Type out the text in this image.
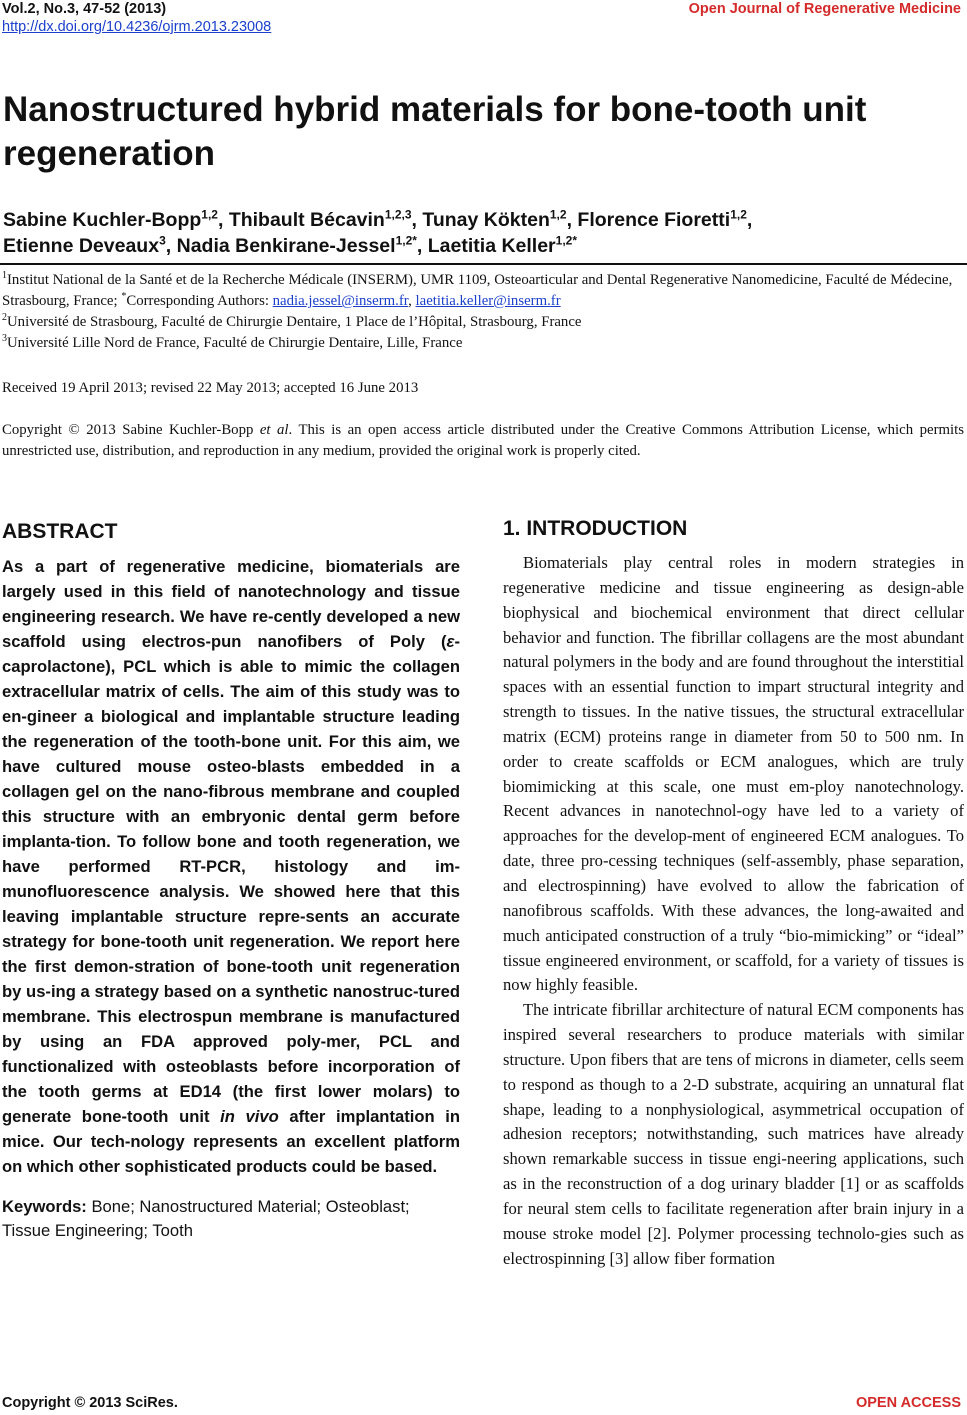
Vol.2, No.3, 47-52 (2013)	Open Journal of Regenerative Medicine
http://dx.doi.org/10.4236/ojrm.2013.23008
Nanostructured hybrid materials for bone-tooth unit regeneration

Sabine Kuchler-Bopp$^{1,2}$, Thibault Bécavin$^{1,2,3}$, Tunay Kökten$^{1,2}$, Florence Fioretti$^{1,2}$,
Etienne Deveaux$^3$, Nadia Benkirane-Jessel$^{1,2*}$, Laetitia Keller$^{1,2*}$

$^1$Institut National de la Santé et de la Recherche Médicale (INSERM), UMR 1109, Osteoarticular and Dental Regenerative Nanomedicine, Faculté de Médecine, Strasbourg, France; *Corresponding Authors: nadia.jessel@inserm.fr, laetitia.keller@inserm.fr

$^2$Université de Strasbourg, Faculté de Chirurgie Dentaire, 1 Place de l’Hôpital, Strasbourg, France

$^3$Université Lille Nord de France, Faculté de Chirurgie Dentaire, Lille, France

Received 19 April 2013; revised 22 May 2013; accepted 16 June 2013

Copyright © 2013 Sabine Kuchler-Bopp et al. This is an open access article distributed under the Creative Commons Attribution License, which permits unrestricted use, distribution, and reproduction in any medium, provided the original work is properly cited.

ABSTRACT

As a part of regenerative medicine, biomaterials are largely used in this field of nanotechnology and tissue engineering research. We have re-cently developed a new scaffold using electros-pun nanofibers of Poly (ε-caprolactone), PCL which is able to mimic the collagen extracellular matrix of cells. The aim of this study was to en-gineer a biological and implantable structure leading the regeneration of the tooth-bone unit. For this aim, we have cultured mouse osteo-blasts embedded in a collagen gel on the nano-fibrous membrane and coupled this structure with an embryonic dental germ before implanta-tion. To follow bone and tooth regeneration, we have performed RT-PCR, histology and im-munofluorescence analysis. We showed here that this leaving implantable structure repre-sents an accurate strategy for bone-tooth unit regeneration. We report here the first demon-stration of bone-tooth unit regeneration by us-ing a strategy based on a synthetic nanostruc-tured membrane. This electrospun membrane is manufactured by using an FDA approved poly-mer, PCL and functionalized with osteoblasts before incorporation of the tooth germs at ED14 (the first lower molars) to generate bone-tooth unit in vivo after implantation in mice. Our tech-nology represents an excellent platform on which other sophisticated products could be based.

Keywords: Bone; Nanostructured Material; Osteoblast; Tissue Engineering; Tooth

1. INTRODUCTION

Biomaterials play central roles in modern strategies in regenerative medicine and tissue engineering as design-able biophysical and biochemical environment that direct cellular behavior and function. The fibrillar collagens are the most abundant natural polymers in the body and are found throughout the interstitial spaces with an essential function to impart structural integrity and strength to tissues. In the native tissues, the structural extracellular matrix (ECM) proteins range in diameter from 50 to 500 nm. In order to create scaffolds or ECM analogues, which are truly biomimicking at this scale, one must em-ploy nanotechnology. Recent advances in nanotechnol-ogy have led to a variety of approaches for the develop-ment of engineered ECM analogues. To date, three pro-cessing techniques (self-assembly, phase separation, and electrospinning) have evolved to allow the fabrication of nanofibrous scaffolds. With these advances, the long-awaited and much anticipated construction of a truly “bio-mimicking” or “ideal” tissue engineered environment, or scaffold, for a variety of tissues is now highly feasible.

The intricate fibrillar architecture of natural ECM components has inspired several researchers to produce materials with similar structure. Upon fibers that are tens of microns in diameter, cells seem to respond as though to a 2-D substrate, acquiring an unnatural flat shape, leading to a nonphysiological, asymmetrical occupation of adhesion receptors; notwithstanding, such matrices have already shown remarkable success in tissue engi-neering applications, such as in the reconstruction of a dog urinary bladder [1] or as scaffolds for neural stem cells to facilitate regeneration after brain injury in a mouse stroke model [2]. Polymer processing technolo-gies such as electrospinning [3] allow fiber formation

Copyright © 2013 SciRes.	OPEN ACCESS
